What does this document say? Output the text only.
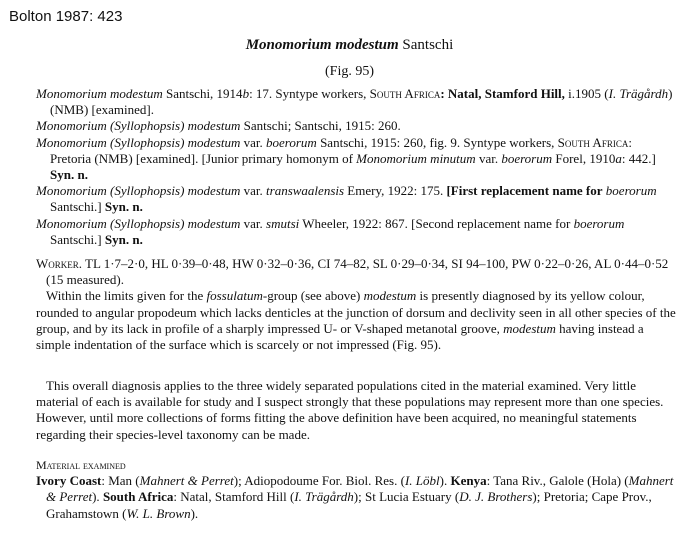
Bolton 1987: 423
Monomorium modestum Santschi
(Fig. 95)

Monomorium modestum Santschi, 1914b: 17. Syntype workers, South Africa: Natal, Stamford Hill, i.1905 (I. Trägårdh) (NMB) [examined].

Monomorium (Syllophopsis) modestum Santschi; Santschi, 1915: 260.

Monomorium (Syllophopsis) modestum var. boerorum Santschi, 1915: 260, fig. 9. Syntype workers, South Africa: Pretoria (NMB) [examined]. [Junior primary homonym of Monomorium minutum var. boerorum Forel, 1910a: 442.] Syn. n.

Monomorium (Syllophopsis) modestum var. transwaalensis Emery, 1922: 175. [First replacement name for boerorum Santschi.] Syn. n.

Monomorium (Syllophopsis) modestum var. smutsi Wheeler, 1922: 867. [Second replacement name for boerorum Santschi.] Syn. n.

Worker. TL 1·7–2·0, HL 0·39–0·48, HW 0·32–0·36, CI 74–82, SL 0·29–0·34, SI 94–100, PW 0·22–0·26, AL 0·44–0·52 (15 measured).

Within the limits given for the fossulatum-group (see above) modestum is presently diagnosed by its yellow colour, rounded to angular propodeum which lacks denticles at the junction of dorsum and declivity seen in all other species of the group, and by its lack in profile of a sharply impressed U- or V-shaped metanotal groove, modestum having instead a simple indentation of the surface which is scarcely or not impressed (Fig. 95).

This overall diagnosis applies to the three widely separated populations cited in the material examined. Very little material of each is available for study and I suspect strongly that these populations may represent more than one species. However, until more collections of forms fitting the above definition have been acquired, no meaningful statements regarding their species-level taxonomy can be made.

Material examined

Ivory Coast: Man (Mahnert & Perret); Adiopodoume For. Biol. Res. (I. Löbl). Kenya: Tana Riv., Galole (Hola) (Mahnert & Perret). South Africa: Natal, Stamford Hill (I. Trägårdh); St Lucia Estuary (D. J. Brothers); Pretoria; Cape Prov., Grahamstown (W. L. Brown).
